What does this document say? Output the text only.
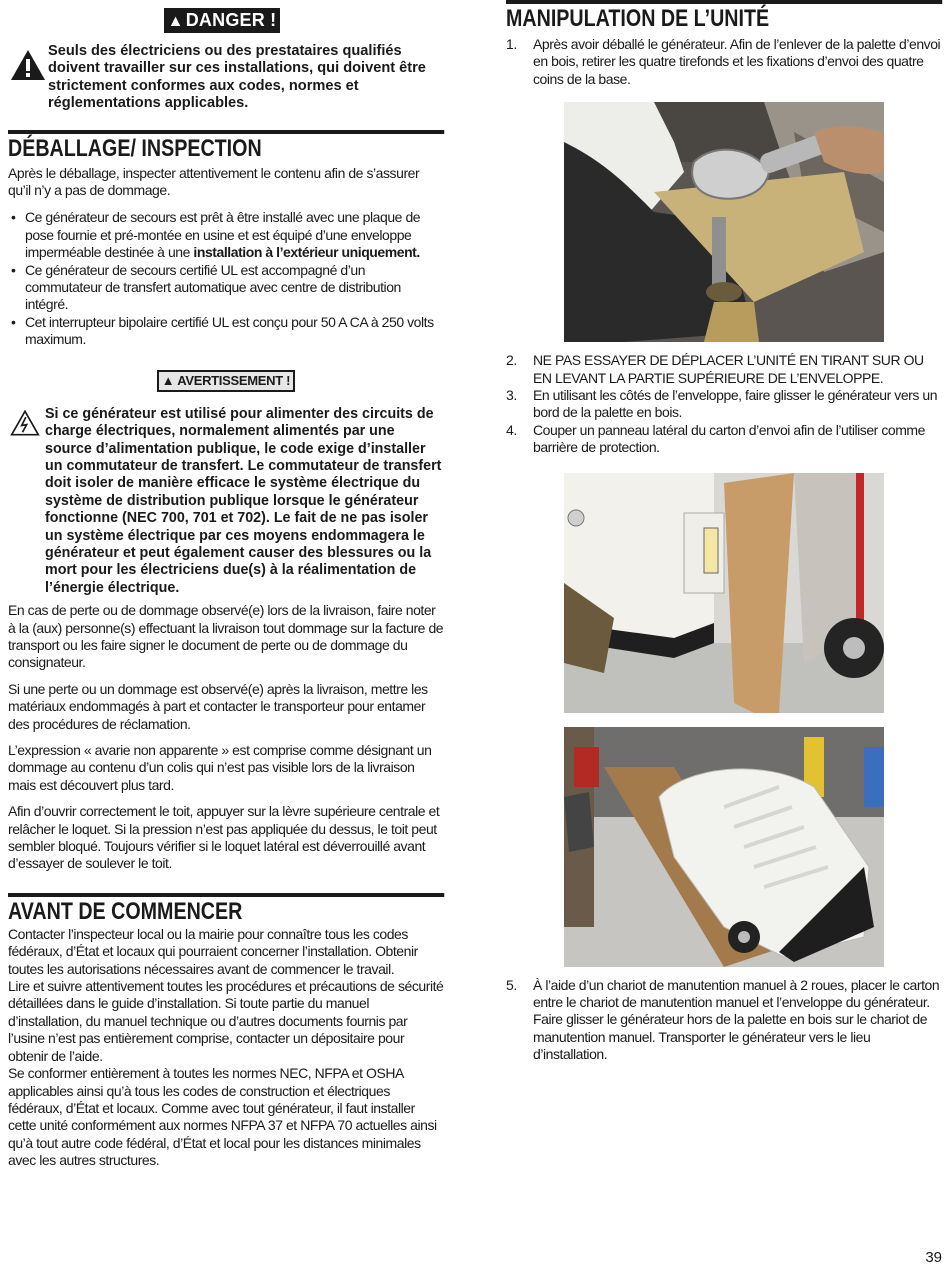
▲ DANGER !
Seuls des électriciens ou des prestataires qualifiés doivent travailler sur ces installations, qui doivent être strictement conformes aux codes, normes et réglementations applicables.
DÉBALLAGE/ INSPECTION

Après le déballage, inspecter attentivement le contenu afin de s’assurer qu’il n’y a pas de dommage.

• Ce générateur de secours est prêt à être installé avec une plaque de pose fournie et pré-montée en usine et est équipé d’une enveloppe imperméable destinée à une installation à l’extérieur uniquement.
• Ce générateur de secours certifié UL est accompagné d’un commutateur de transfert automatique avec centre de distribution intégré.
• Cet interrupteur bipolaire certifié UL est conçu pour 50 A CA à 250 volts maximum.
▲ AVERTISSEMENT !
Si ce générateur est utilisé pour alimenter des circuits de charge électriques, normalement alimentés par une source d’alimentation publique, le code exige d’installer un commutateur de transfert. Le commutateur de transfert doit isoler de manière efficace le système électrique du système de distribution publique lorsque le générateur fonctionne (NEC 700, 701 et 702). Le fait de ne pas isoler un système électrique par ces moyens endommagera le générateur et peut également causer des blessures ou la mort pour les électriciens due(s) à la réalimentation de l’énergie électrique.

En cas de perte ou de dommage observé(e) lors de la livraison, faire noter à la (aux) personne(s) effectuant la livraison tout dommage sur la facture de transport ou les faire signer le document de perte ou de dommage du consignateur.

Si une perte ou un dommage est observé(e) après la livraison, mettre les matériaux endommagés à part et contacter le transporteur pour entamer des procédures de réclamation.

L’expression « avarie non apparente » est comprise comme désignant un dommage au contenu d’un colis qui n’est pas visible lors de la livraison mais est découvert plus tard.

Afin d’ouvrir correctement le toit, appuyer sur la lèvre supérieure centrale et relâcher le loquet. Si la pression n’est pas appliquée du dessus, le toit peut sembler bloqué. Toujours vérifier si le loquet latéral est déverrouillé avant d’essayer de soulever le toit.

AVANT DE COMMENCER

Contacter l’inspecteur local ou la mairie pour connaître tous les codes fédéraux, d’État et locaux qui pourraient concerner l’installation. Obtenir toutes les autorisations nécessaires avant de commencer le travail.

Lire et suivre attentivement toutes les procédures et précautions de sécurité détaillées dans le guide d’installation. Si toute partie du manuel d’installation, du manuel technique ou d’autres documents fournis par l’usine n’est pas entièrement comprise, contacter un dépositaire pour obtenir de l’aide.

Se conformer entièrement à toutes les normes NEC, NFPA et OSHA applicables ainsi qu’à tous les codes de construction et électriques fédéraux, d’État et locaux. Comme avec tout générateur, il faut installer cette unité conformément aux normes NFPA 37 et NFPA 70 actuelles ainsi qu’à tout autre code fédéral, d’État et local pour les distances minimales avec les autres structures.

MANIPULATION DE L’UNITÉ
1. Après avoir déballé le générateur. Afin de l’enlever de la palette d’envoi en bois, retirer les quatre tirefonds et les fixations d’envoi des quatre coins de la base.
2. NE PAS ESSAYER DE DÉPLACER L’UNITÉ EN TIRANT SUR OU EN LEVANT LA PARTIE SUPÉRIEURE DE L’ENVELOPPE.
3. En utilisant les côtés de l’enveloppe, faire glisser le générateur vers un bord de la palette en bois.
4. Couper un panneau latéral du carton d’envoi afin de l’utiliser comme barrière de protection.
5. À l’aide d’un chariot de manutention manuel à 2 roues, placer le carton entre le chariot de manutention manuel et l’enveloppe du générateur. Faire glisser le générateur hors de la palette en bois sur le chariot de manutention manuel. Transporter le générateur vers le lieu d’installation.
39
